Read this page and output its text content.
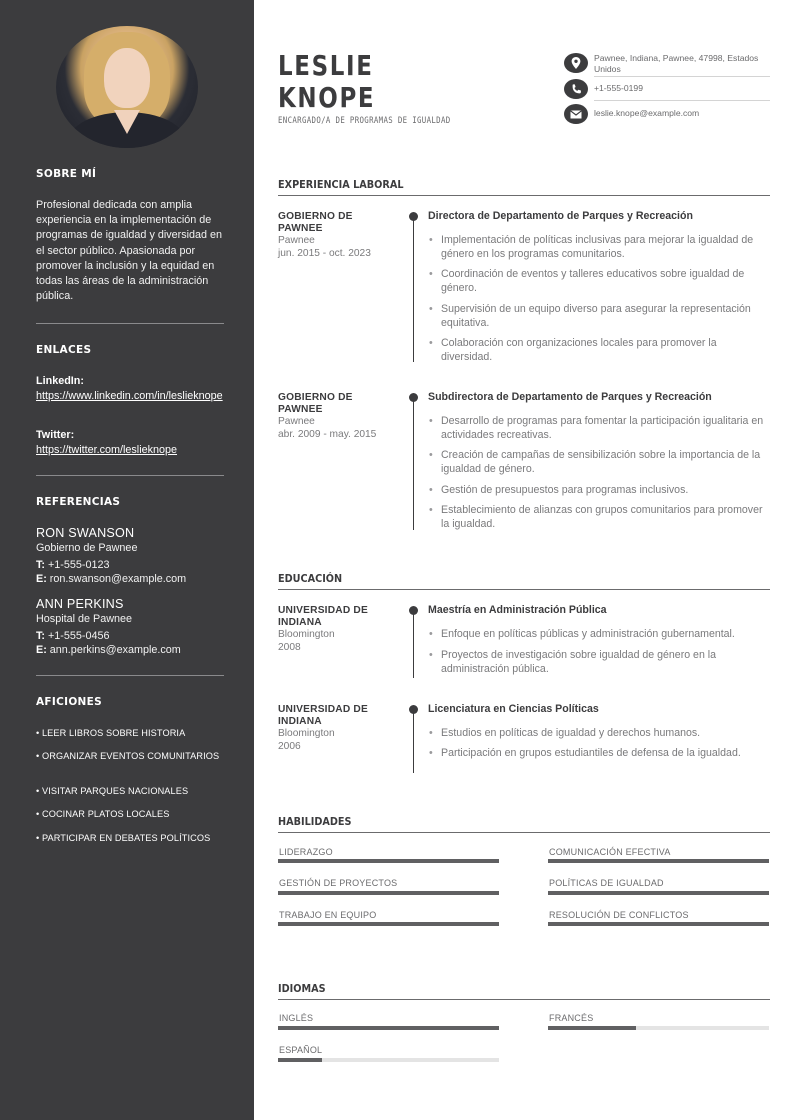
SOBRE MÍ
Profesional dedicada con amplia experiencia en la implementación de programas de igualdad y diversidad en el sector público. Apasionada por promover la inclusión y la equidad en todas las áreas de la administración pública.
ENLACES
LinkedIn:
https://www.linkedin.com/in/leslieknope
Twitter:
https://twitter.com/leslieknope
REFERENCIAS
RON SWANSON
Gobierno de Pawnee
T: +1-555-0123
E: ron.swanson@example.com
ANN PERKINS
Hospital de Pawnee
T: +1-555-0456
E: ann.perkins@example.com
AFICIONES
• LEER LIBROS SOBRE HISTORIA
• ORGANIZAR EVENTOS COMUNITARIOS
• VISITAR PARQUES NACIONALES
• COCINAR PLATOS LOCALES
• PARTICIPAR EN DEBATES POLÍTICOS
LESLIE
KNOPE
ENCARGADO/A DE PROGRAMAS DE IGUALDAD
Pawnee, Indiana, Pawnee, 47998, Estados Unidos
+1-555-0199
leslie.knope@example.com
EXPERIENCIA LABORAL
GOBIERNO DE PAWNEE
Pawnee
jun. 2015 - oct. 2023
Directora de Departamento de Parques y Recreación
• Implementación de políticas inclusivas para mejorar la igualdad de género en los programas comunitarios.
• Coordinación de eventos y talleres educativos sobre igualdad de género.
• Supervisión de un equipo diverso para asegurar la representación equitativa.
• Colaboración con organizaciones locales para promover la diversidad.
GOBIERNO DE PAWNEE
Pawnee
abr. 2009 - may. 2015
Subdirectora de Departamento de Parques y Recreación
• Desarrollo de programas para fomentar la participación igualitaria en actividades recreativas.
• Creación de campañas de sensibilización sobre la importancia de la igualdad de género.
• Gestión de presupuestos para programas inclusivos.
• Establecimiento de alianzas con grupos comunitarios para promover la igualdad.
EDUCACIÓN
UNIVERSIDAD DE INDIANA
Bloomington
2008
Maestría en Administración Pública
• Enfoque en políticas públicas y administración gubernamental.
• Proyectos de investigación sobre igualdad de género en la administración pública.
UNIVERSIDAD DE INDIANA
Bloomington
2006
Licenciatura en Ciencias Políticas
• Estudios en políticas de igualdad y derechos humanos.
• Participación en grupos estudiantiles de defensa de la igualdad.
HABILIDADES
LIDERAZGO	COMUNICACIÓN EFECTIVA
GESTIÓN DE PROYECTOS	POLÍTICAS DE IGUALDAD
TRABAJO EN EQUIPO	RESOLUCIÓN DE CONFLICTOS
IDIOMAS
INGLÉS	FRANCÉS
ESPAÑOL
